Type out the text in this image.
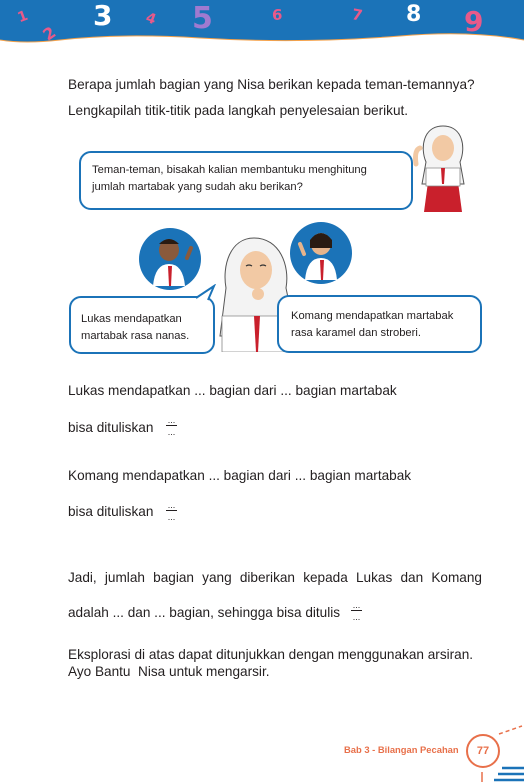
1
2
3 4 5	6	7 8 9
Berapa jumlah bagian yang Nisa berikan kepada teman-temannya?
Lengkapilah titik-titik pada langkah penyelesaian berikut.
Teman-teman, bisakah kalian membantuku menghitung
jumlah martabak yang sudah aku berikan?
Lukas mendapatkan
martabak rasa nanas.
Komang mendapatkan martabak
rasa karamel dan stroberi.
Lukas mendapatkan ... bagian dari ... bagian martabak
bisa dituliskan ...
...
Komang mendapatkan ... bagian dari ... bagian martabak
bisa dituliskan ...
...
Jadi, jumlah bagian yang diberikan kepada Lukas dan Komang
adalah ... dan ... bagian, sehingga bisa ditulis ...
...
Eksplorasi di atas dapat ditunjukkan dengan menggunakan arsiran.
Ayo Bantu  Nisa untuk mengarsir.
Bab 3 - Bilangan Pecahan	77
